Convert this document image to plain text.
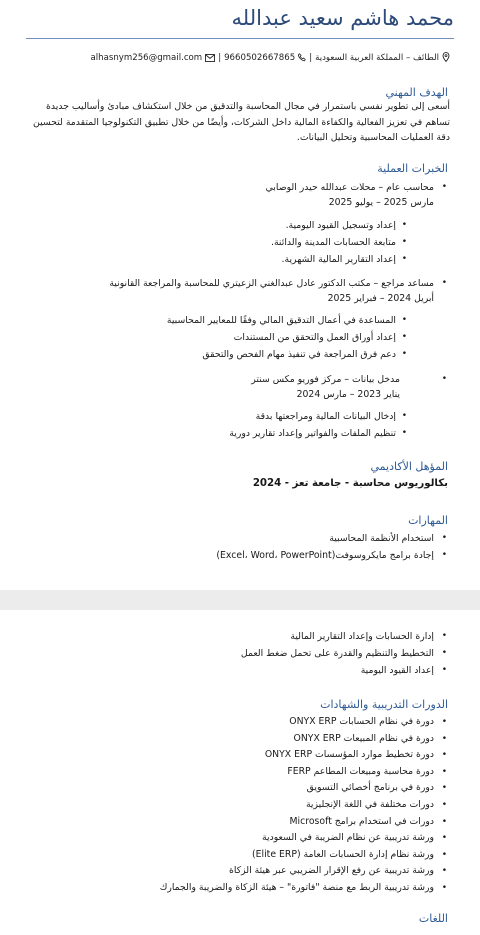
محمد هاشم سعيد عبدالله
الطائف – المملكة العربية السعودية|9660502667865|alhasnym256@gmail.com
الهدف المهني
أسعى إلى تطوير نفسي باستمرار في مجال المحاسبة والتدقيق من خلال استكشاف مبادئ وأساليب جديدة تساهم في تعزيز الفعالية والكفاءة المالية داخل الشركات، وأيضًا من خلال تطبيق التكنولوجيا المتقدمة لتحسين دقة العمليات المحاسبية وتحليل البيانات.
الخبرات العملية
• محاسب عام – محلات عبدالله حيدر الوصابي
مارس 2025 – يوليو 2025
• إعداد وتسجيل القيود اليومية.
• متابعة الحسابات المدينة والدائنة.
• إعداد التقارير المالية الشهرية.
• مساعد مراجع – مكتب الدكتور عادل عبدالغني الزعيتري للمحاسبة والمراجعة القانونية
أبريل 2024 – فبراير 2025
• المساعدة في أعمال التدقيق المالي وفقًا للمعايير المحاسبية
• إعداد أوراق العمل والتحقق من المستندات
• دعم فرق المراجعة في تنفيذ مهام الفحص والتحقق
• مدخل بيانات – مركز فوريو مكس سنتر
يناير 2023 – مارس 2024
• إدخال البيانات المالية ومراجعتها بدقة
• تنظيم الملفات والفواتير وإعداد تقارير دورية
المؤهل الأكاديمي
بكالوريوس محاسبة - جامعة تعز - 2024
المهارات
• استخدام الأنظمة المحاسبية
• إجادة برامج مايكروسوفت(Excel، Word، PowerPoint)
• إدارة الحسابات وإعداد التقارير المالية
• التخطيط والتنظيم والقدرة على تحمل ضغط العمل
• إعداد القيود اليومية
الدورات التدريبية والشهادات
• دورة في نظام الحسابات ONYX ERP
• دورة في نظام المبيعات ONYX ERP
• دورة تخطيط موارد المؤسسات ONYX ERP
• دورة محاسبة ومبيعات المطاعم FERP
• دورة في برنامج أخصائي التسويق
• دورات مختلفة في اللغة الإنجليزية
• دورات في استخدام برامج Microsoft
• ورشة تدريبية عن نظام الضريبة في السعودية
• ورشة نظام إدارة الحسابات العامة (Elite ERP)
• ورشة تدريبية عن رفع الإقرار الضريبي عبر هيئة الزكاة
• ورشة تدريبية الربط مع منصة "فاتورة" – هيئة الزكاة والضريبة والجمارك
اللغات
